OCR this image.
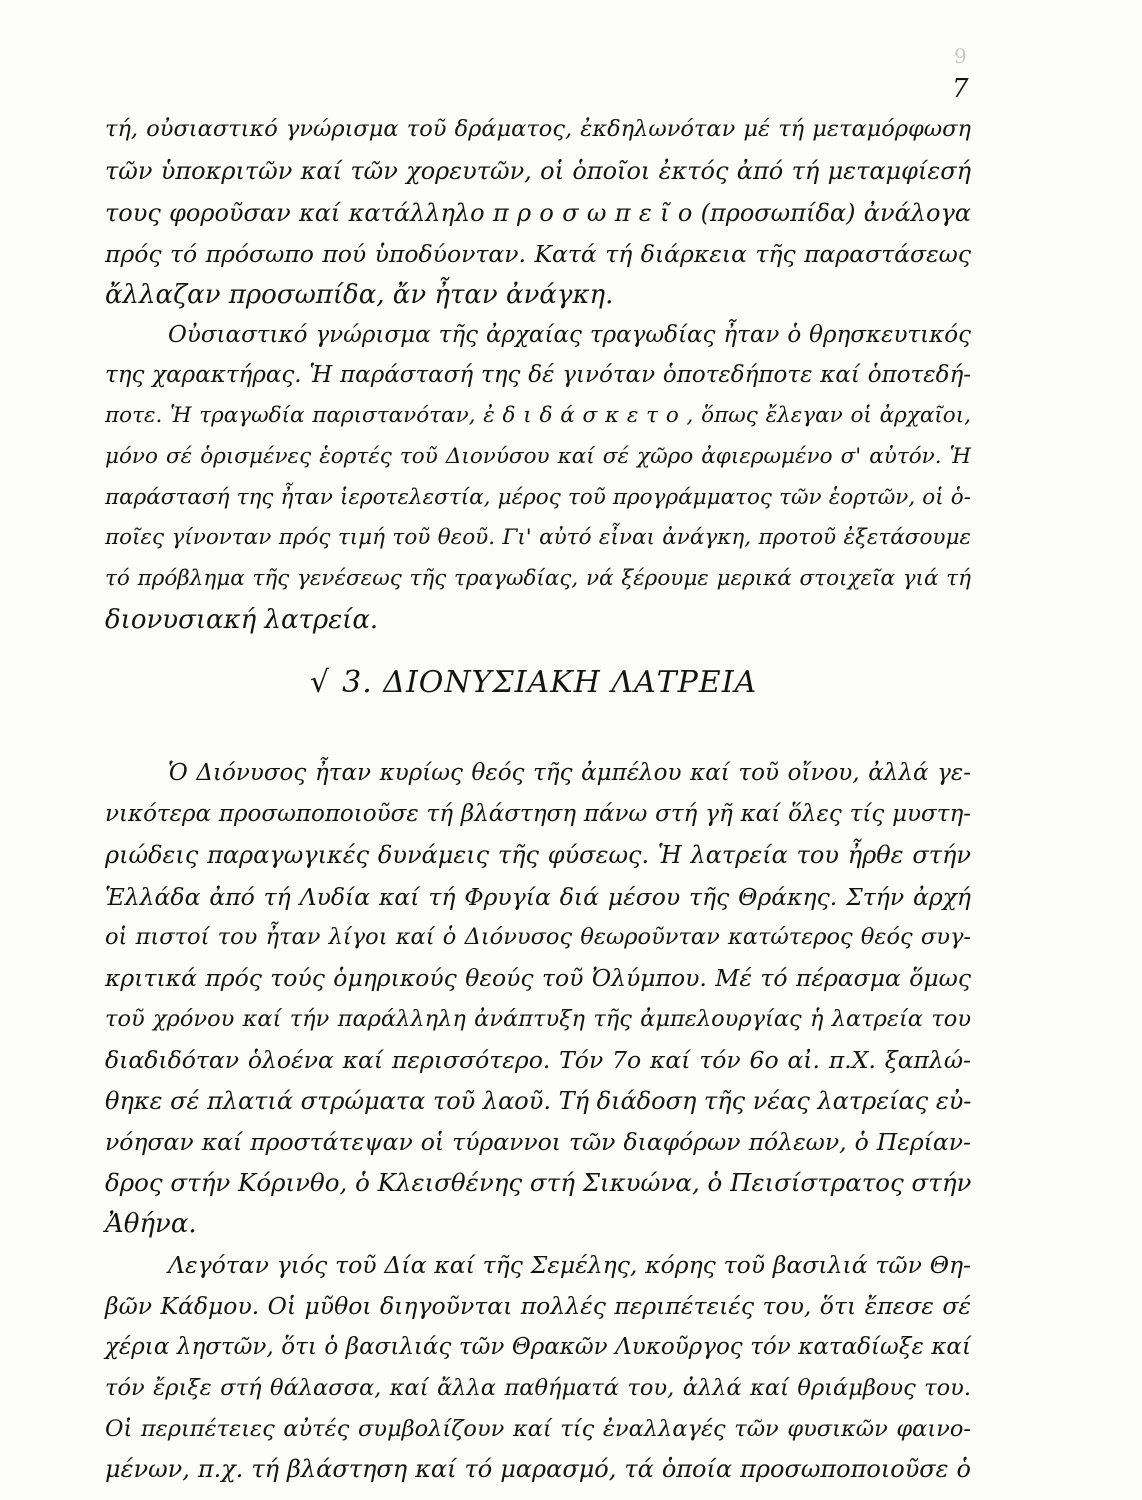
9
7
τή, οὐσιαστικό γνώρισμα τοῦ δράματος, ἐκδηλωνόταν μέ τή μεταμόρφωση
τῶν ὑποκριτῶν καί τῶν χορευτῶν, οἱ ὁποῖοι ἐκτός ἀπό τή μεταμφίεσή
τους φοροῦσαν καί κατάλληλο π ρ ο σ ω π ε ῖ ο (προσωπίδα) ἀνάλογα
πρός τό πρόσωπο πού ὑποδύονταν. Κατά τή διάρκεια τῆς παραστάσεως
ἄλλαζαν προσωπίδα, ἄν ἦταν ἀνάγκη.
Οὐσιαστικό γνώρισμα τῆς ἀρχαίας τραγωδίας ἦταν ὁ θρησκευτικός
της χαρακτήρας. Ἡ παράστασή της δέ γινόταν ὁποτεδήποτε καί ὁποτεδή-
ποτε. Ἡ τραγωδία παριστανόταν, ἐ δ ι δ ά σ κ ε τ ο , ὅπως ἔλεγαν οἱ ἀρχαῖοι,
μόνο σέ ὁρισμένες ἑορτές τοῦ Διονύσου καί σέ χῶρο ἀφιερωμένο σ' αὐτόν. Ἡ
παράστασή της ἦταν ἱεροτελεστία, μέρος τοῦ προγράμματος τῶν ἑορτῶν, οἱ ὁ-
ποῖες γίνονταν πρός τιμή τοῦ θεοῦ. Γι' αὐτό εἶναι ἀνάγκη, προτοῦ ἐξετάσουμε
τό πρόβλημα τῆς γενέσεως τῆς τραγωδίας, νά ξέρουμε μερικά στοιχεῖα γιά τή
διονυσιακή λατρεία.
√ 3. ΔΙΟΝΥΣΙΑΚΗ ΛΑΤΡΕΙΑ
Ὁ Διόνυσος ἦταν κυρίως θεός τῆς ἀμπέλου καί τοῦ οἴνου, ἀλλά γε-
νικότερα προσωποποιοῦσε τή βλάστηση πάνω στή γῆ καί ὅλες τίς μυστη-
ριώδεις παραγωγικές δυνάμεις τῆς φύσεως. Ἡ λατρεία του ἦρθε στήν
Ἑλλάδα ἀπό τή Λυδία καί τή Φρυγία διά μέσου τῆς Θράκης. Στήν ἀρχή
οἱ πιστοί του ἦταν λίγοι καί ὁ Διόνυσος θεωροῦνταν κατώτερος θεός συγ-
κριτικά πρός τούς ὁμηρικούς θεούς τοῦ Ὀλύμπου. Μέ τό πέρασμα ὅμως
τοῦ χρόνου καί τήν παράλληλη ἀνάπτυξη τῆς ἀμπελουργίας ἡ λατρεία του
διαδιδόταν ὁλοένα καί περισσότερο. Τόν 7ο καί τόν 6ο αἰ. π.Χ. ξαπλώ-
θηκε σέ πλατιά στρώματα τοῦ λαοῦ. Τή διάδοση τῆς νέας λατρείας εὐ-
νόησαν καί προστάτεψαν οἱ τύραννοι τῶν διαφόρων πόλεων, ὁ Περίαν-
δρος στήν Κόρινθο, ὁ Κλεισθένης στή Σικυώνα, ὁ Πεισίστρατος στήν
Ἀθήνα.
Λεγόταν γιός τοῦ Δία καί τῆς Σεμέλης, κόρης τοῦ βασιλιά τῶν Θη-
βῶν Κάδμου. Οἱ μῦθοι διηγοῦνται πολλές περιπέτειές του, ὅτι ἔπεσε σέ
χέρια ληστῶν, ὅτι ὁ βασιλιάς τῶν Θρακῶν Λυκοῦργος τόν καταδίωξε καί
τόν ἔριξε στή θάλασσα, καί ἄλλα παθήματά του, ἀλλά καί θριάμβους του.
Οἱ περιπέτειες αὐτές συμβολίζουν καί τίς ἐναλλαγές τῶν φυσικῶν φαινο-
μένων, π.χ. τή βλάστηση καί τό μαρασμό, τά ὁποία προσωποποιοῦσε ὁ
